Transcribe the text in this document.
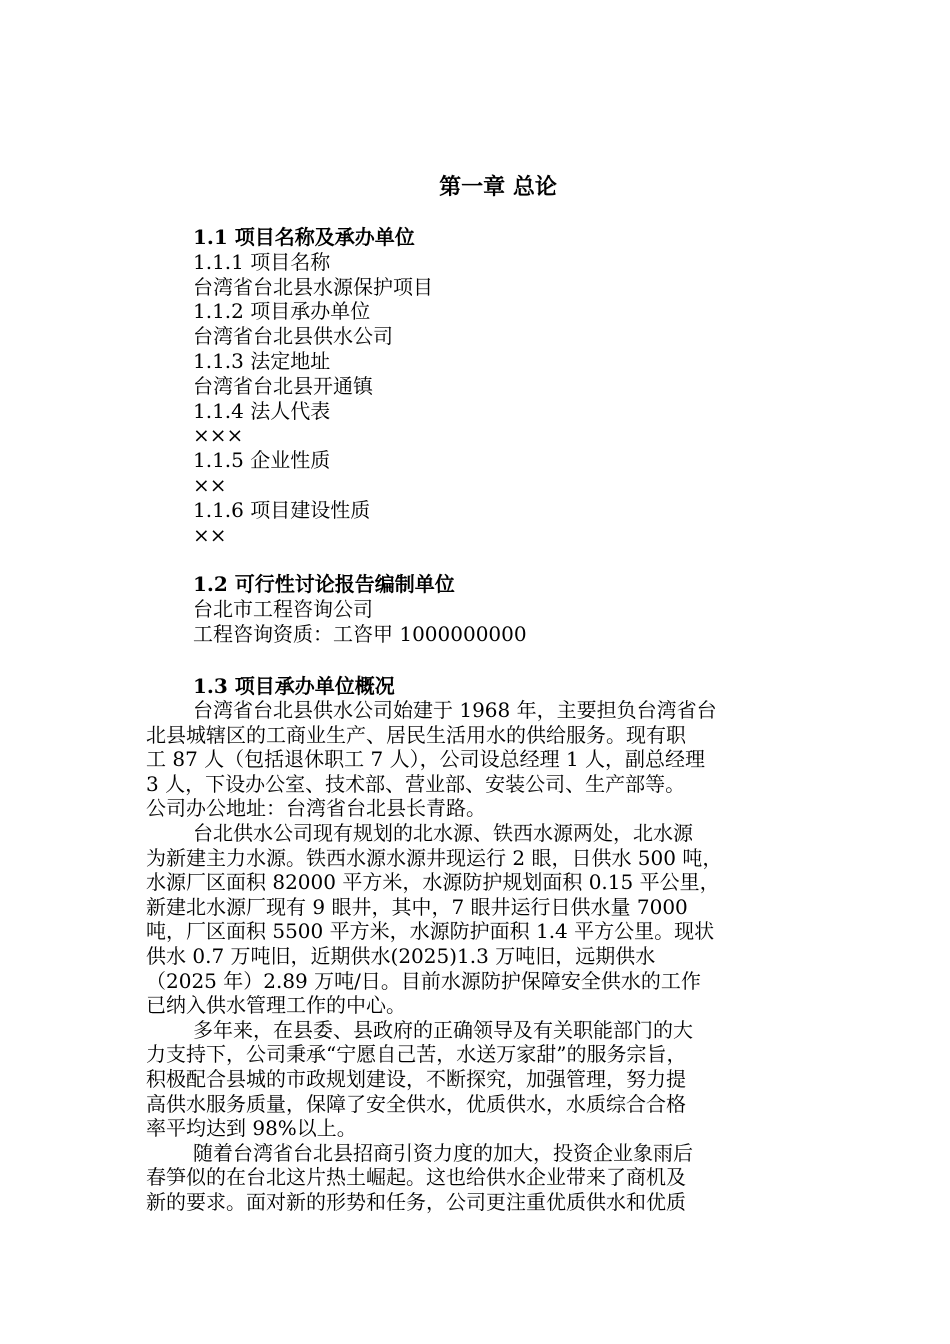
第一章 总论
1.1 项目名称及承办单位
1.1.1 项目名称
台湾省台北县水源保护项目
1.1.2 项目承办单位
台湾省台北县供水公司
1.1.3 法定地址
台湾省台北县开通镇
1.1.4 法人代表
×××
1.1.5 企业性质
××
1.1.6 项目建设性质
××
1.2 可行性讨论报告编制单位
台北市工程咨询公司
工程咨询资质：工咨甲 1000000000
1.3 项目承办单位概况
台湾省台北县供水公司始建于 1968 年，主要担负台湾省台
北县城辖区的工商业生产、居民生活用水的供给服务。现有职
工 87 人（包括退休职工 7 人），公司设总经理 1 人，副总经理
3 人，下设办公室、技术部、营业部、安装公司、生产部等。
公司办公地址：台湾省台北县长青路。
台北供水公司现有规划的北水源、铁西水源两处，北水源
为新建主力水源。铁西水源水源井现运行 2 眼，日供水 500 吨，
水源厂区面积 82000 平方米，水源防护规划面积 0.15 平公里，
新建北水源厂现有 9 眼井，其中，7 眼井运行日供水量 7000
吨，厂区面积 5500 平方米，水源防护面积 1.4 平方公里。现状
供水 0.7 万吨旧，近期供水(2025)1.3 万吨旧，远期供水
（2025 年）2.89 万吨/日。目前水源防护保障安全供水的工作
已纳入供水管理工作的中心。
多年来，在县委、县政府的正确领导及有关职能部门的大
力支持下，公司秉承“宁愿自己苦，水送万家甜”的服务宗旨，
积极配合县城的市政规划建设，不断探究，加强管理，努力提
高供水服务质量，保障了安全供水，优质供水，水质综合合格
率平均达到 98%以上。
随着台湾省台北县招商引资力度的加大，投资企业象雨后
春笋似的在台北这片热土崛起。这也给供水企业带来了商机及
新的要求。面对新的形势和任务，公司更注重优质供水和优质
